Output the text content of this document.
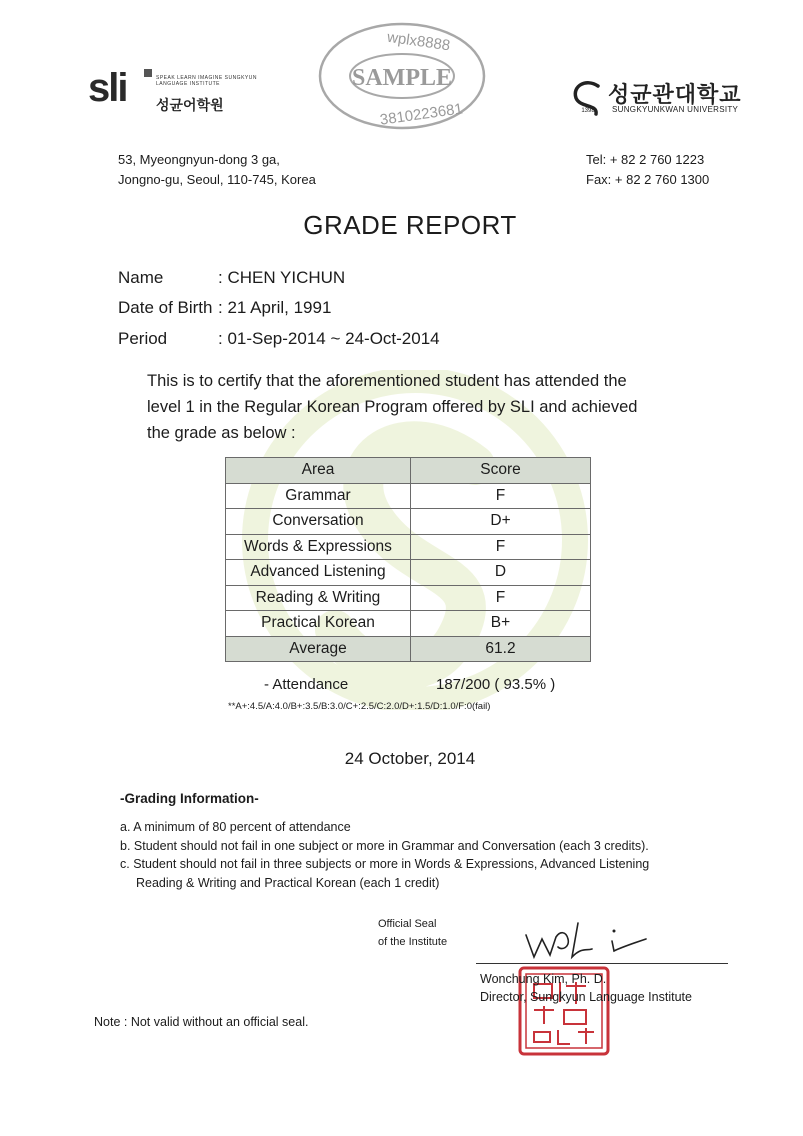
sli	SPEAK LEARN IMAGINE SUNGKYUN LANGUAGE INSTITUTE
성균어학원
wplx8888
SAMPLE
3810223681	1398
성균관대학교
SUNGKYUNKWAN UNIVERSITY
53, Myeongnyun-dong 3 ga,
Jongno-gu, Seoul, 110-745, Korea
Tel: + 82 2 760 1223
Fax: + 82 2 760 1300
GRADE REPORT
Name	: CHEN YICHUN
Date of Birth : 21 April, 1991
Period	: 01-Sep-2014 ~ 24-Oct-2014
This is to certify that the aforementioned student has attended the
level 1 in the Regular Korean Program offered by SLI and achieved
the grade as below :
Area	Score
Grammar	F
Conversation	D+
Words & Expressions	F
Advanced Listening	D
Reading & Writing	F
Practical Korean	B+
Average	61.2
- Attendance	187/200 ( 93.5% )
**A+:4.5/A:4.0/B+:3.5/B:3.0/C+:2.5/C:2.0/D+:1.5/D:1.0/F:0(fail)
24 October, 2014
-Grading Information-
a. A minimum of 80 percent of attendance
b. Student should not fail in one subject or more in Grammar and Conversation (each 3 credits).
c. Student should not fail in three subjects or more in Words & Expressions, Advanced Listening
Reading & Writing and Practical Korean (each 1 credit)
Official Seal
of the Institute
Wonchung Kim, Ph. D.
Director, Sungkyun Language Institute
Note : Not valid without an official seal.
